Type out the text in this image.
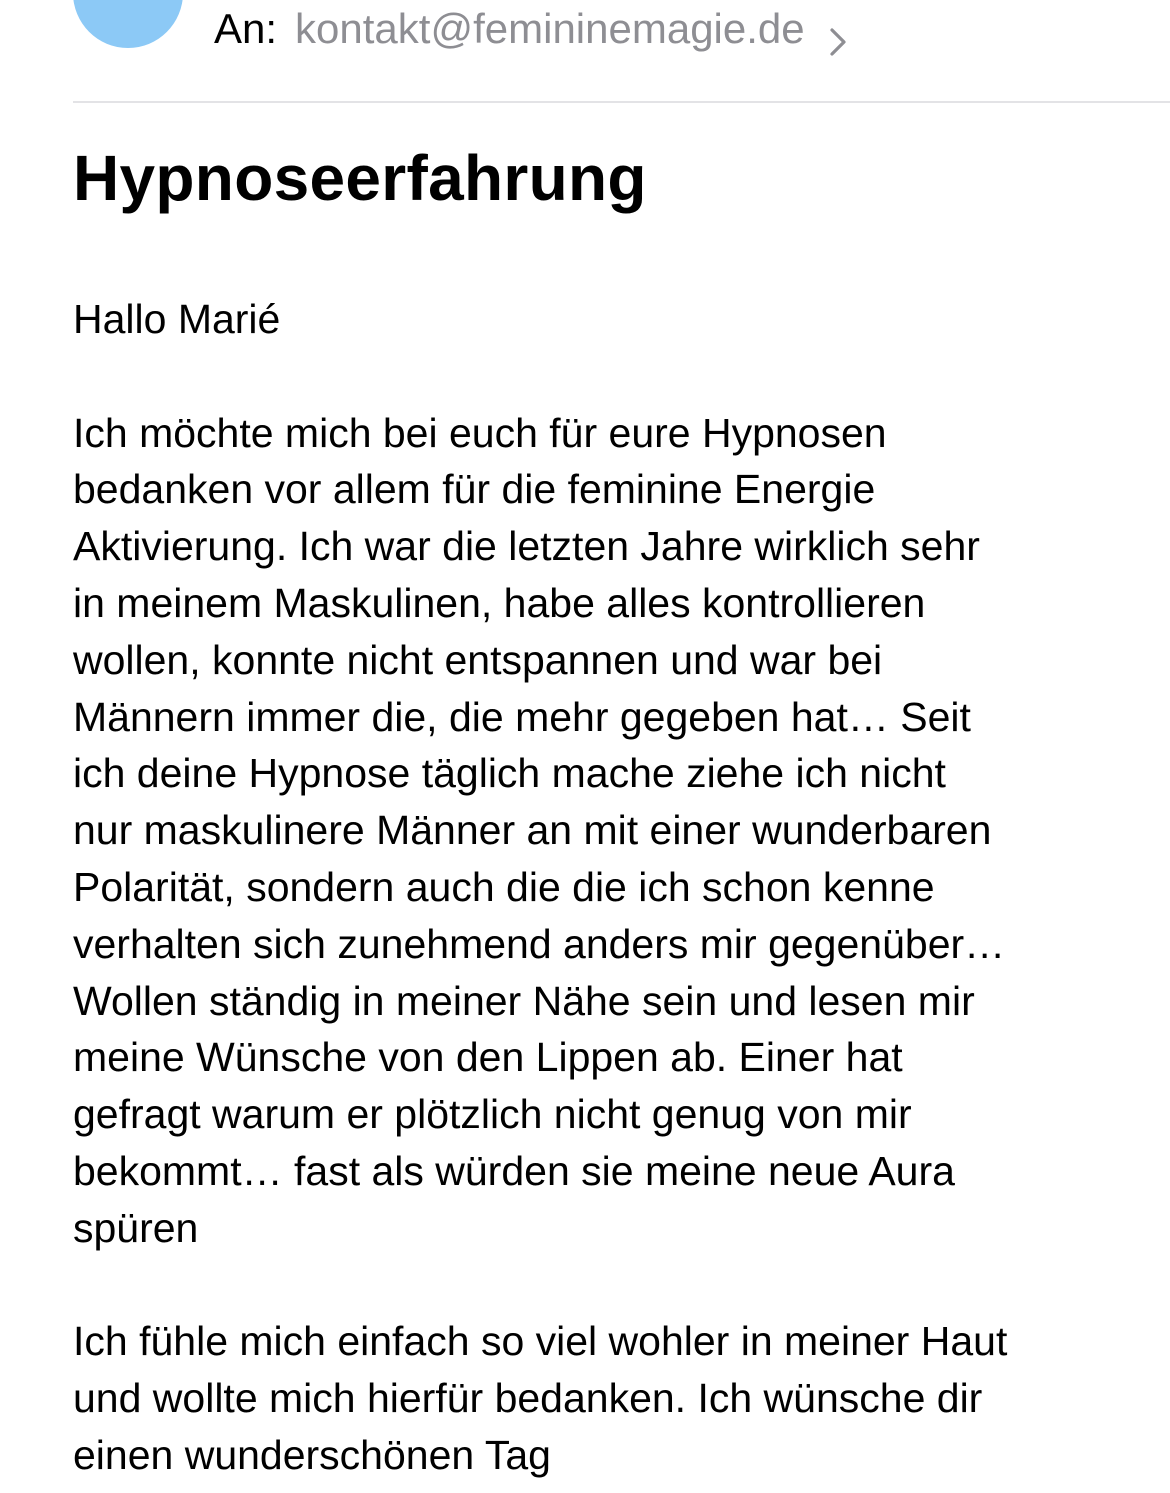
An: kontakt@femininemagie.de
Hypnoseerfahrung

Hallo Marié

Ich möchte mich bei euch für eure Hypnosen
bedanken vor allem für die feminine Energie
Aktivierung. Ich war die letzten Jahre wirklich sehr
in meinem Maskulinen, habe alles kontrollieren
wollen, konnte nicht entspannen und war bei
Männern immer die, die mehr gegeben hat… Seit
ich deine Hypnose täglich mache ziehe ich nicht
nur maskulinere Männer an mit einer wunderbaren
Polarität, sondern auch die die ich schon kenne
verhalten sich zunehmend anders mir gegenüber…
Wollen ständig in meiner Nähe sein und lesen mir
meine Wünsche von den Lippen ab. Einer hat
gefragt warum er plötzlich nicht genug von mir
bekommt… fast als würden sie meine neue Aura
spüren

Ich fühle mich einfach so viel wohler in meiner Haut
und wollte mich hierfür bedanken. Ich wünsche dir
einen wunderschönen Tag
